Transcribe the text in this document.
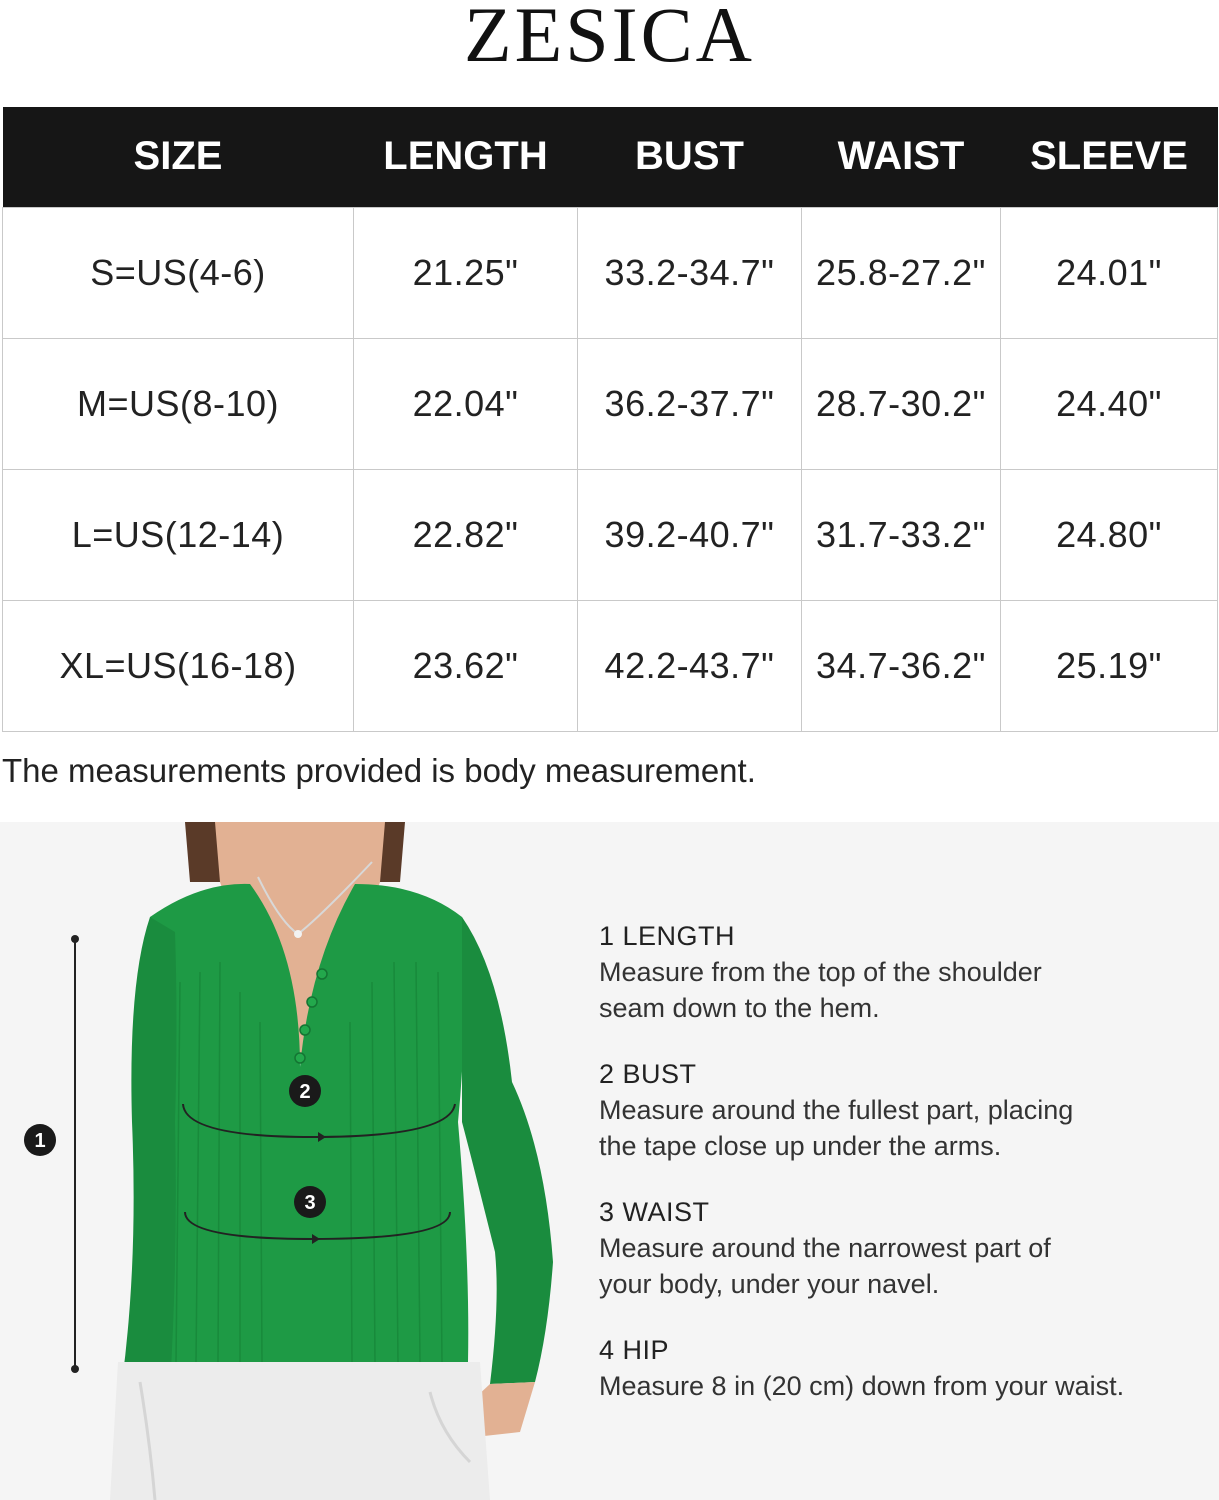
ZESICA
SIZE	LENGTH	BUST	WAIST	SLEEVE
S=US(4-6)	21.25"	33.2-34.7"	25.8-27.2"	24.01"
M=US(8-10)	22.04"	36.2-37.7"	28.7-30.2"	24.40"
L=US(12-14)	22.82"	39.2-40.7"	31.7-33.2"	24.80"
XL=US(16-18)	23.62"	42.2-43.7"	34.7-36.2"	25.19"
The measurements provided is body measurement.
1
2
3
1 LENGTH
Measure from the top of the shoulder
seam down to the hem.
2 BUST
Measure around the fullest part, placing
the tape close up under the arms.
3 WAIST
Measure around the narrowest part of
your body, under your navel.
4 HIP
Measure 8 in (20 cm) down from your waist.
